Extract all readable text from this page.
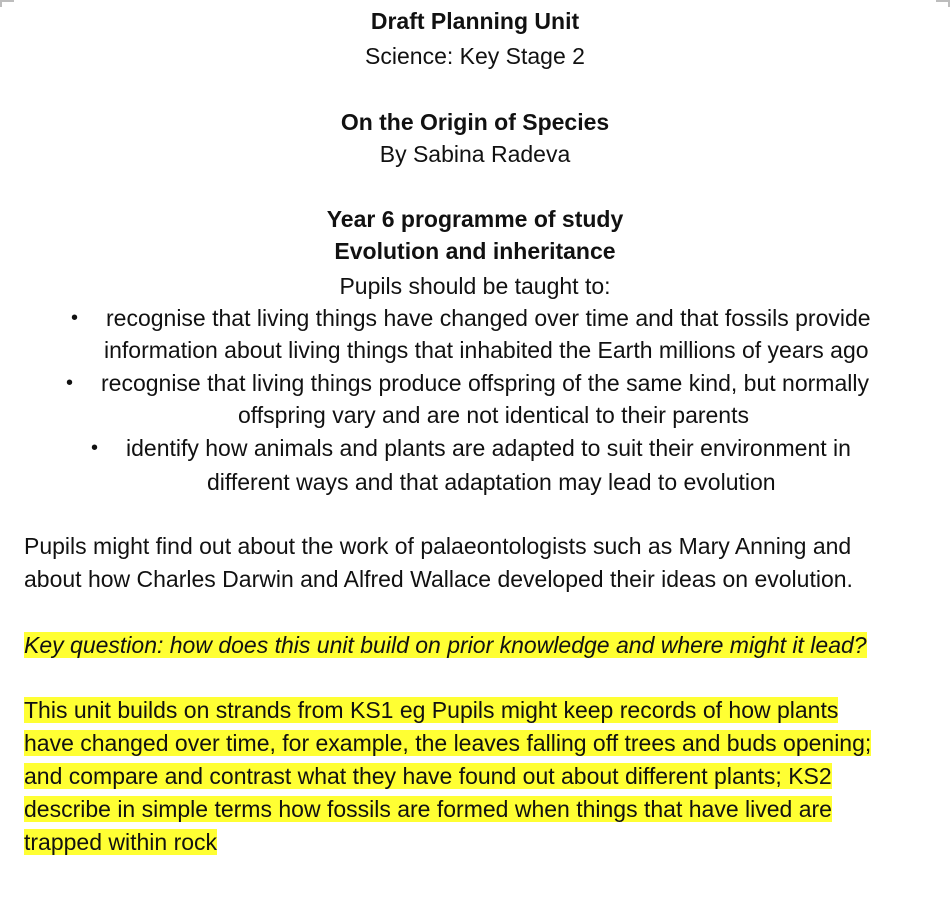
Draft Planning Unit
Science: Key Stage 2
On the Origin of Species
By Sabina Radeva
Year 6 programme of study
Evolution and inheritance
Pupils should be taught to:
• recognise that living things have changed over time and that fossils provide
information about living things that inhabited the Earth millions of years ago
• recognise that living things produce offspring of the same kind, but normally
offspring vary and are not identical to their parents
• identify how animals and plants are adapted to suit their environment in
different ways and that adaptation may lead to evolution
Pupils might find out about the work of palaeontologists such as Mary Anning and
about how Charles Darwin and Alfred Wallace developed their ideas on evolution.
Key question: how does this unit build on prior knowledge and where might it lead?
This unit builds on strands from KS1 eg Pupils might keep records of how plants
have changed over time, for example, the leaves falling off trees and buds opening;
and compare and contrast what they have found out about different plants; KS2
describe in simple terms how fossils are formed when things that have lived are
trapped within rock
